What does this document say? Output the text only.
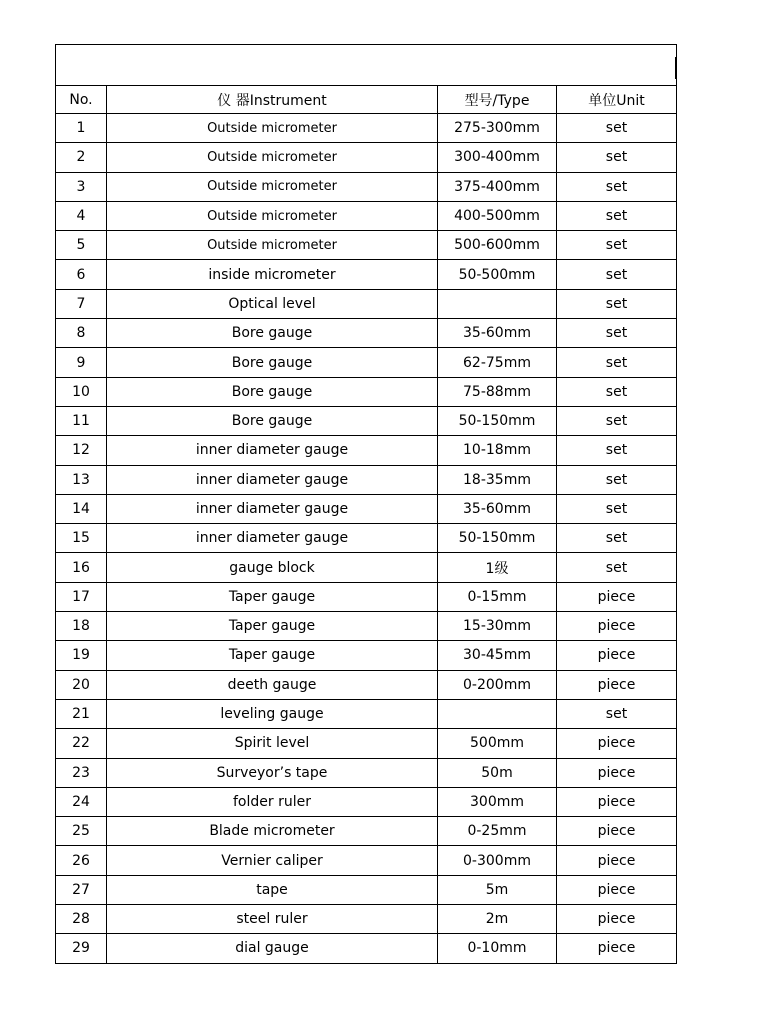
No.	仪 器Instrument	型号/Type	单位Unit
1	Outside micrometer	275-300mm	set
2	Outside micrometer	300-400mm	set
3	Outside micrometer	375-400mm	set
4	Outside micrometer	400-500mm	set
5	Outside micrometer	500-600mm	set
6	inside micrometer	50-500mm	set
7	Optical level		set
8	Bore gauge	35-60mm	set
9	Bore gauge	62-75mm	set
10	Bore gauge	75-88mm	set
11	Bore gauge	50-150mm	set
12	inner diameter gauge	10-18mm	set
13	inner diameter gauge	18-35mm	set
14	inner diameter gauge	35-60mm	set
15	inner diameter gauge	50-150mm	set
16	gauge block	1级	set
17	Taper gauge	0-15mm	piece
18	Taper gauge	15-30mm	piece
19	Taper gauge	30-45mm	piece
20	deeth gauge	0-200mm	piece
21	leveling gauge		set
22	Spirit level	500mm	piece
23	Surveyor’s tape	50m	piece
24	folder ruler	300mm	piece
25	Blade micrometer	0-25mm	piece
26	Vernier caliper	0-300mm	piece
27	tape	5m	piece
28	steel ruler	2m	piece
29	dial gauge	0-10mm	piece
